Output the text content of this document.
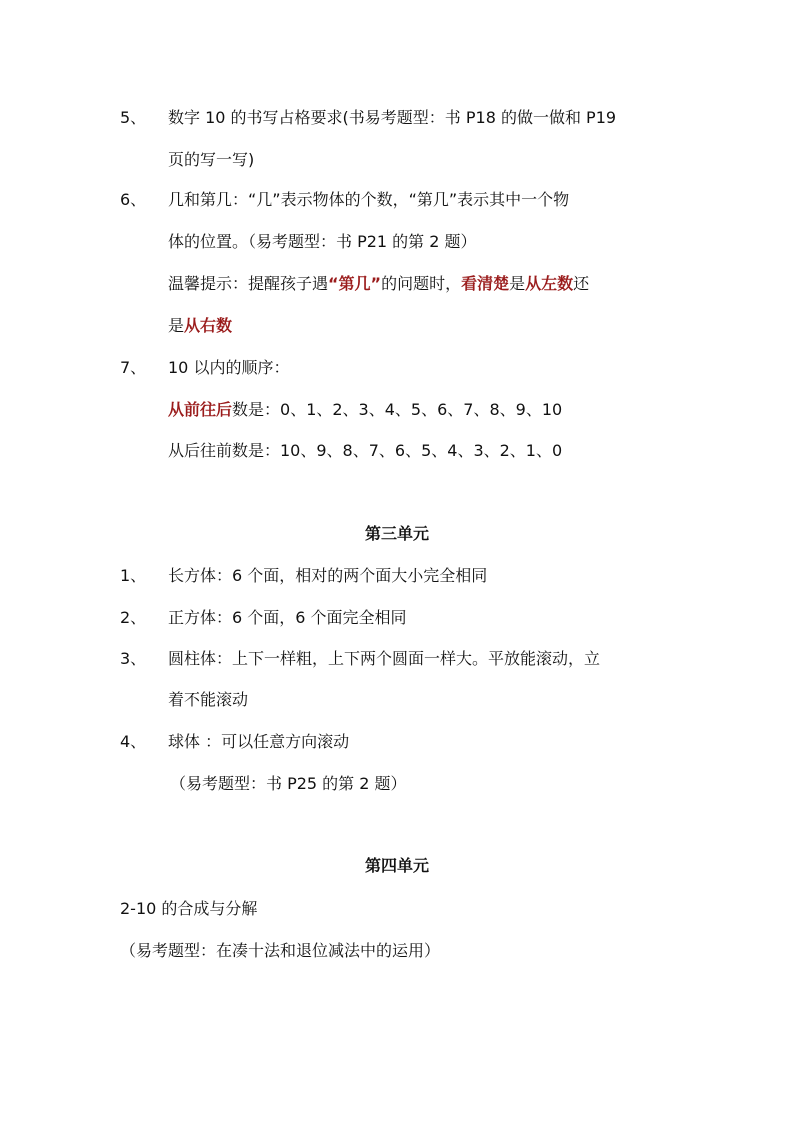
5、 数字 10 的书写占格要求(书易考题型：书 P18 的做一做和 P19
页的写一写)
6、 几和第几：“几”表示物体的个数，“第几”表示其中一个物
体的位置。（易考题型：书 P21 的第 2 题）
温馨提示：提醒孩子遇“第几”的问题时，看清楚是从左数还
是从右数
7、 10 以内的顺序：
从前往后数是：0、1、2、3、4、5、6、7、8、9、10
从后往前数是：10、9、8、7、6、5、4、3、2、1、0
第三单元
1、 长方体：6 个面，相对的两个面大小完全相同
2、 正方体：6 个面，6 个面完全相同
3、 圆柱体：上下一样粗，上下两个圆面一样大。平放能滚动，立
着不能滚动
4、 球体 ：可以任意方向滚动
（易考题型：书 P25 的第 2 题）
第四单元
2-10 的合成与分解
（易考题型：在凑十法和退位减法中的运用）
